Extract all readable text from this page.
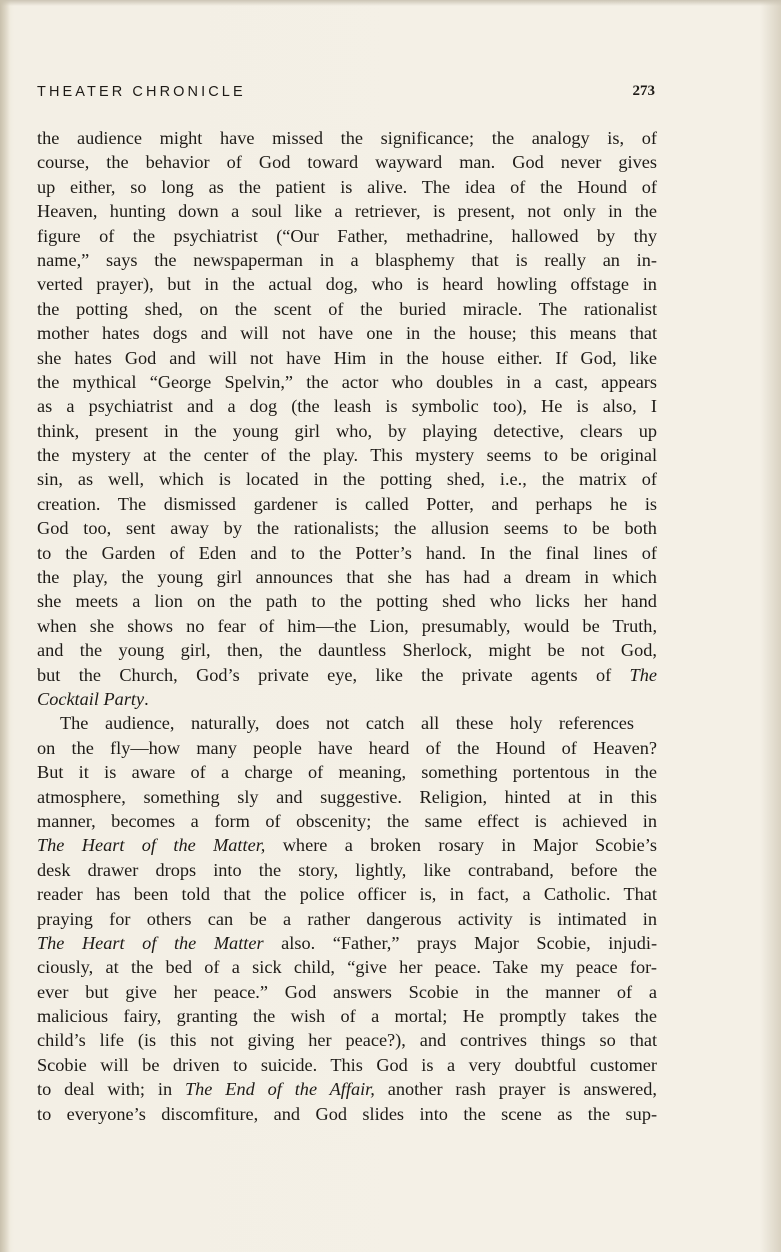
THEATER CHRONICLE	273
the audience might have missed the significance; the analogy is, of
course, the behavior of God toward wayward man. God never gives
up either, so long as the patient is alive. The idea of the Hound of
Heaven, hunting down a soul like a retriever, is present, not only in the
figure of the psychiatrist (“Our Father, methadrine, hallowed by thy
name,” says the newspaperman in a blasphemy that is really an in-
verted prayer), but in the actual dog, who is heard howling offstage in
the potting shed, on the scent of the buried miracle. The rationalist
mother hates dogs and will not have one in the house; this means that
she hates God and will not have Him in the house either. If God, like
the mythical “George Spelvin,” the actor who doubles in a cast, appears
as a psychiatrist and a dog (the leash is symbolic too), He is also, I
think, present in the young girl who, by playing detective, clears up
the mystery at the center of the play. This mystery seems to be original
sin, as well, which is located in the potting shed, i.e., the matrix of
creation. The dismissed gardener is called Potter, and perhaps he is
God too, sent away by the rationalists; the allusion seems to be both
to the Garden of Eden and to the Potter’s hand. In the final lines of
the play, the young girl announces that she has had a dream in which
she meets a lion on the path to the potting shed who licks her hand
when she shows no fear of him—the Lion, presumably, would be Truth,
and the young girl, then, the dauntless Sherlock, might be not God,
but the Church, God’s private eye, like the private agents of The
Cocktail Party.
The audience, naturally, does not catch all these holy references
on the fly—how many people have heard of the Hound of Heaven?
But it is aware of a charge of meaning, something portentous in the
atmosphere, something sly and suggestive. Religion, hinted at in this
manner, becomes a form of obscenity; the same effect is achieved in
The Heart of the Matter, where a broken rosary in Major Scobie’s
desk drawer drops into the story, lightly, like contraband, before the
reader has been told that the police officer is, in fact, a Catholic. That
praying for others can be a rather dangerous activity is intimated in
The Heart of the Matter also. “Father,” prays Major Scobie, injudi-
ciously, at the bed of a sick child, “give her peace. Take my peace for-
ever but give her peace.” God answers Scobie in the manner of a
malicious fairy, granting the wish of a mortal; He promptly takes the
child’s life (is this not giving her peace?), and contrives things so that
Scobie will be driven to suicide. This God is a very doubtful customer
to deal with; in The End of the Affair, another rash prayer is answered,
to everyone’s discomfiture, and God slides into the scene as the sup-
